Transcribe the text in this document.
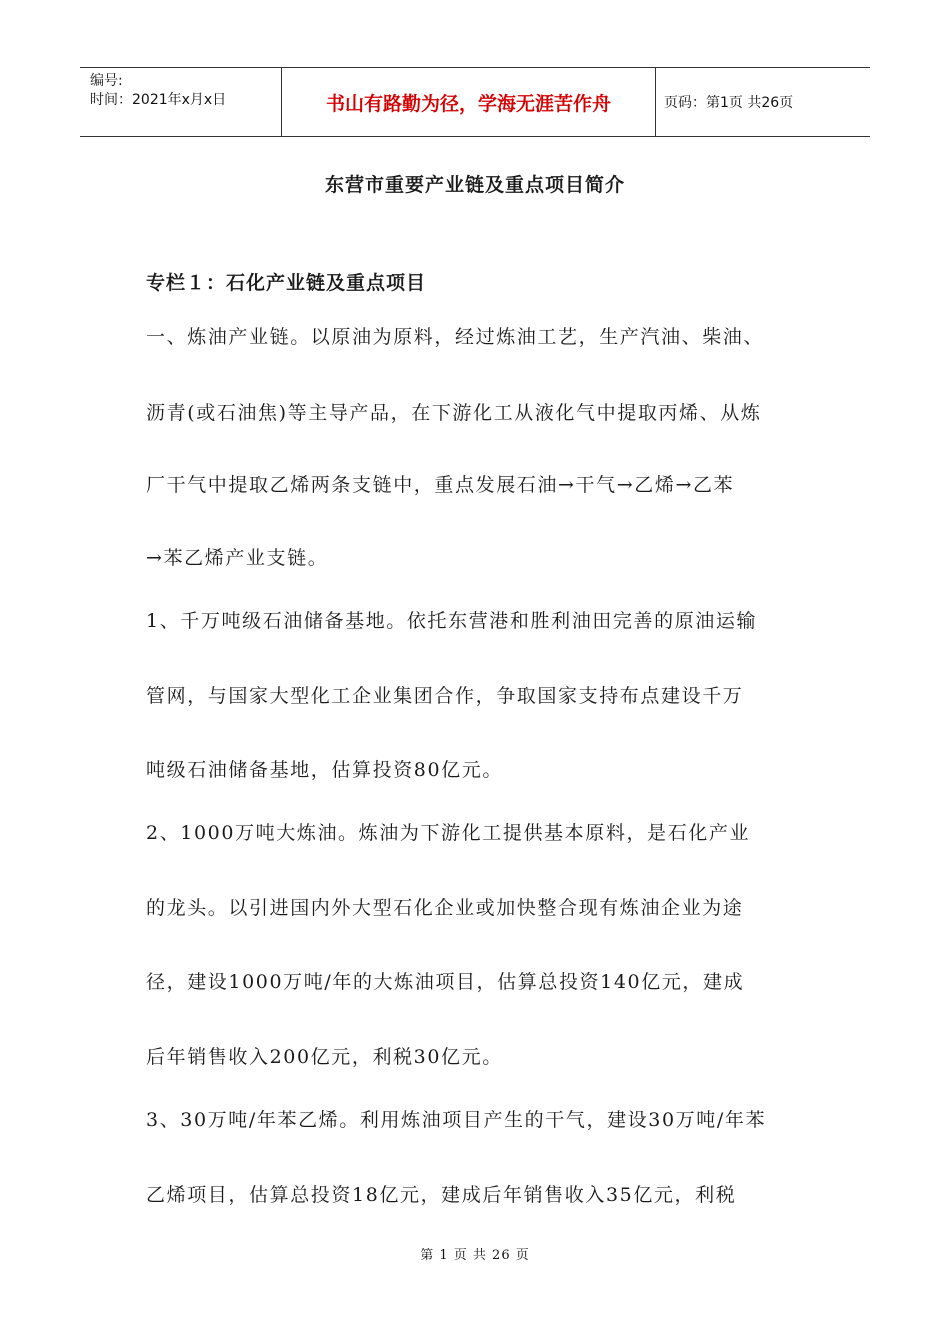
编号:
时间：2021年x月x日	书山有路勤为径，学海无涯苦作舟	页码：第1页 共26页
东营市重要产业链及重点项目简介
专栏１：石化产业链及重点项目
一、炼油产业链。以原油为原料，经过炼油工艺，生产汽油、柴油、
沥青(或石油焦)等主导产品，在下游化工从液化气中提取丙烯、从炼
厂干气中提取乙烯两条支链中，重点发展石油→干气→乙烯→乙苯
→苯乙烯产业支链。
1、千万吨级石油储备基地。依托东营港和胜利油田完善的原油运输
管网，与国家大型化工企业集团合作，争取国家支持布点建设千万
吨级石油储备基地，估算投资80亿元。
2、1000万吨大炼油。炼油为下游化工提供基本原料，是石化产业
的龙头。以引进国内外大型石化企业或加快整合现有炼油企业为途
径，建设1000万吨/年的大炼油项目，估算总投资140亿元，建成
后年销售收入200亿元，利税30亿元。
3、30万吨/年苯乙烯。利用炼油项目产生的干气，建设30万吨/年苯
乙烯项目，估算总投资18亿元，建成后年销售收入35亿元，利税
第 1 页 共 26 页
